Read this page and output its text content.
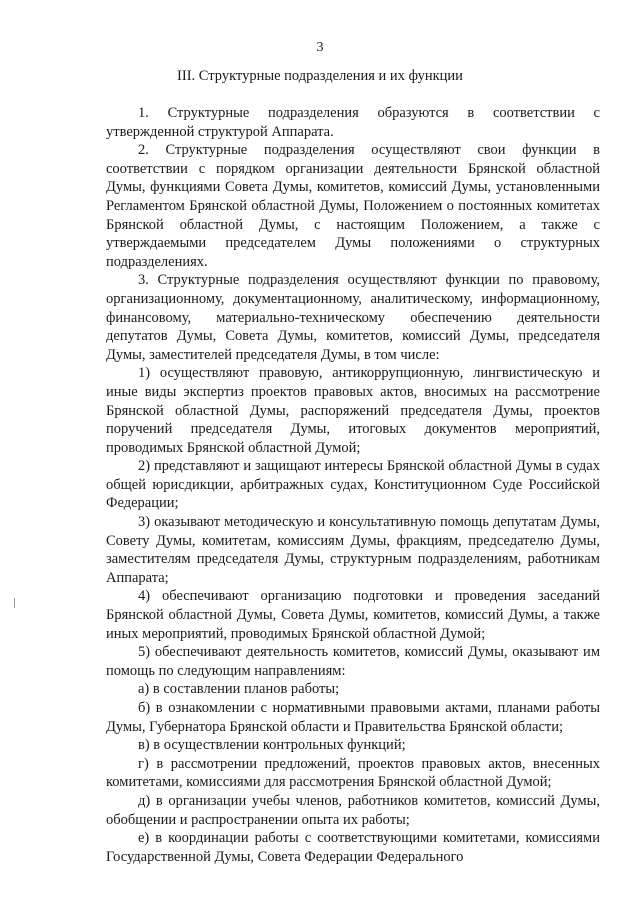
3
III. Структурные подразделения и их функции

1. Структурные подразделения образуются в соответствии с утвержденной структурой Аппарата.

2. Структурные подразделения осуществляют свои функции в соответствии с порядком организации деятельности Брянской областной Думы, функциями Совета Думы, комитетов, комиссий Думы, установленными Регламентом Брянской областной Думы, Положением о постоянных комитетах Брянской областной Думы, с настоящим Положением, а также с утверждаемыми председателем Думы положениями о структурных подразделениях.

3. Структурные подразделения осуществляют функции по правовому, организационному, документационному, аналитическому, информационному, финансовому, материально-техническому обеспечению деятельности депутатов Думы, Совета Думы, комитетов, комиссий Думы, председателя Думы, заместителей председателя Думы, в том числе:

1) осуществляют правовую, антикоррупционную, лингвистическую и иные виды экспертиз проектов правовых актов, вносимых на рассмотрение Брянской областной Думы, распоряжений председателя Думы, проектов поручений председателя Думы, итоговых документов мероприятий, проводимых Брянской областной Думой;

2) представляют и защищают интересы Брянской областной Думы в судах общей юрисдикции, арбитражных судах, Конституционном Суде Российской Федерации;

3) оказывают методическую и консультативную помощь депутатам Думы, Совету Думы, комитетам, комиссиям Думы, фракциям, председателю Думы, заместителям председателя Думы, структурным подразделениям, работникам Аппарата;

4) обеспечивают организацию подготовки и проведения заседаний Брянской областной Думы, Совета Думы, комитетов, комиссий Думы, а также иных мероприятий, проводимых Брянской областной Думой;

5) обеспечивают деятельность комитетов, комиссий Думы, оказывают им помощь по следующим направлениям:

а) в составлении планов работы;

б) в ознакомлении с нормативными правовыми актами, планами работы Думы, Губернатора Брянской области и Правительства Брянской области;

в) в осуществлении контрольных функций;

г) в рассмотрении предложений, проектов правовых актов, внесенных комитетами, комиссиями для рассмотрения Брянской областной Думой;

д) в организации учебы членов, работников комитетов, комиссий Думы, обобщении и распространении опыта их работы;

е) в координации работы с соответствующими комитетами, комиссиями Государственной Думы, Совета Федерации Федерального
